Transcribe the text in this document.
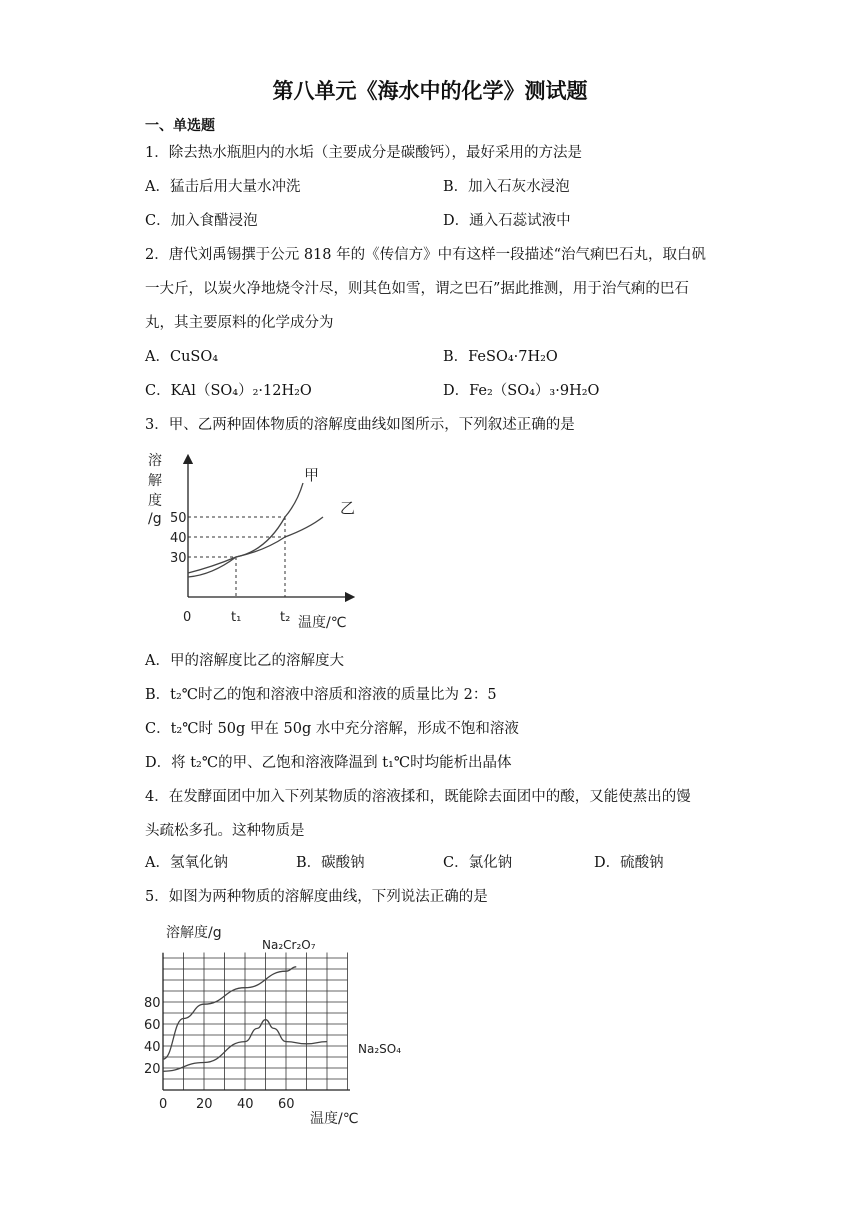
第八单元《海水中的化学》测试题
一、单选题
1．除去热水瓶胆内的水垢（主要成分是碳酸钙），最好采用的方法是
A．猛击后用大量水冲洗	B．加入石灰水浸泡
C．加入食醋浸泡	D．通入石蕊试液中
2．唐代刘禹锡撰于公元 818 年的《传信方》中有这样一段描述“治气痢巴石丸，取白矾
一大斤，以炭火净地烧令汁尽，则其色如雪，谓之巴石”据此推测，用于治气痢的巴石
丸，其主要原料的化学成分为
A．CuSO₄	B．FeSO₄·7H₂O
C．KAl（SO₄）₂·12H₂O	D．Fe₂（SO₄）₃·9H₂O
3．甲、乙两种固体物质的溶解度曲线如图所示，下列叙述正确的是
溶
解
度
/g
30
40
50
0	t₁	t₂
甲
乙
温度/℃
A．甲的溶解度比乙的溶解度大
B．t₂℃时乙的饱和溶液中溶质和溶液的质量比为 2：5
C．t₂℃时 50g 甲在 50g 水中充分溶解，形成不饱和溶液
D．将 t₂℃的甲、乙饱和溶液降温到 t₁℃时均能析出晶体
4．在发酵面团中加入下列某物质的溶液揉和，既能除去面团中的酸，又能使蒸出的馒
头疏松多孔。这种物质是
A．氢氧化钠	B．碳酸钠	C．氯化钠	D．硫酸钠
5．如图为两种物质的溶解度曲线，下列说法正确的是
溶解度/g
20
40
60
80
0 20 40 60
Na₂Cr₂O₇
Na₂SO₄
温度/℃
